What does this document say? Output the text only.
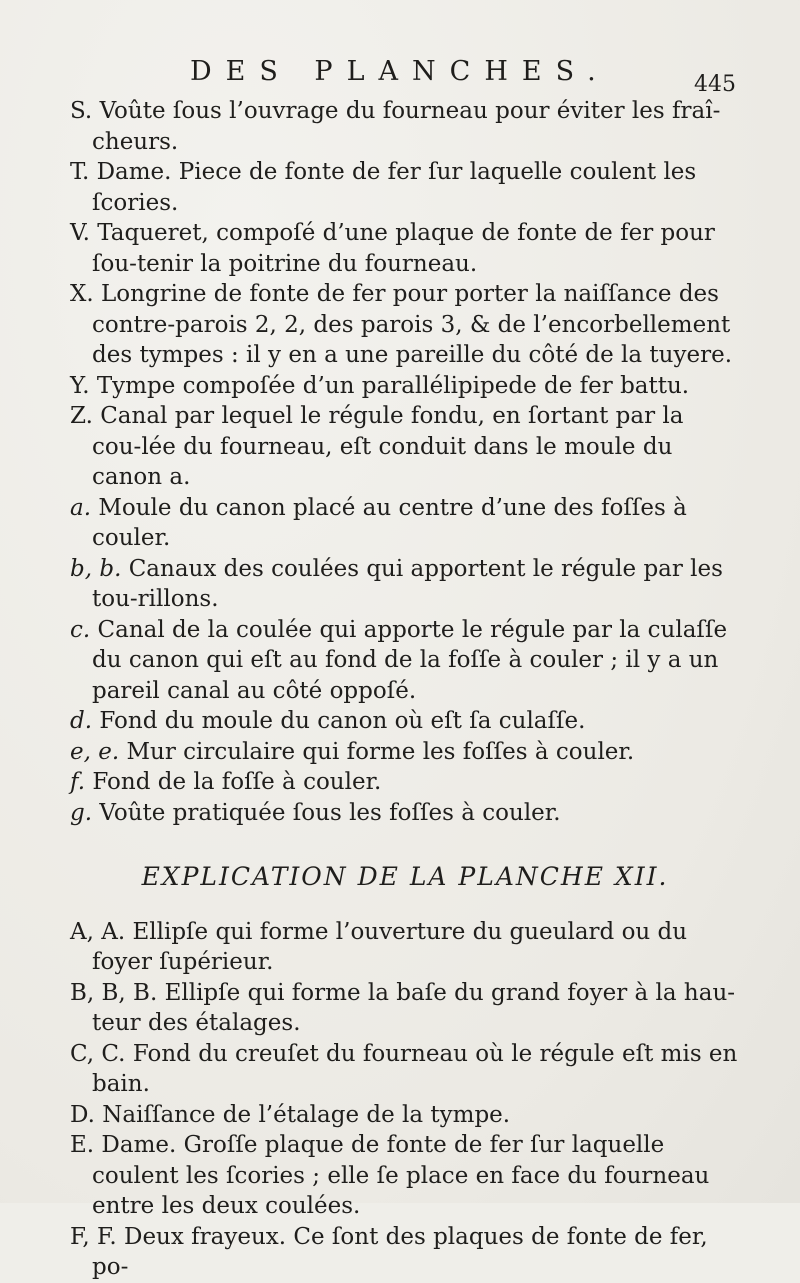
DES PLANCHES.	445

S. Voûte ſous l’ouvrage du fourneau pour éviter les fraî-cheurs.

T. Dame. Piece de fonte de fer ſur laquelle coulent les ſcories.

V. Taqueret, compoſé d’une plaque de fonte de fer pour ſou-tenir la poitrine du fourneau.

X. Longrine de fonte de fer pour porter la naiſſance des contre-parois 2, 2, des parois 3, & de l’encorbellement des tympes : il y en a une pareille du côté de la tuyere.

Y. Tympe compoſée d’un parallélipipede de fer battu.

Z. Canal par lequel le régule fondu, en ſortant par la cou-lée du fourneau, eſt conduit dans le moule du canon a.

a. Moule du canon placé au centre d’une des foſſes à couler.

b, b. Canaux des coulées qui apportent le régule par les tou-rillons.

c. Canal de la coulée qui apporte le régule par la culaſſe du canon qui eſt au fond de la foſſe à couler ; il y a un pareil canal au côté oppoſé.

d. Fond du moule du canon où eſt ſa culaſſe.

e, e. Mur circulaire qui forme les foſſes à couler.

f. Fond de la foſſe à couler.

g. Voûte pratiquée ſous les foſſes à couler.

EXPLICATION DE LA PLANCHE XII.

A, A. Ellipſe qui forme l’ouverture du gueulard ou du foyer ſupérieur.

B, B, B. Ellipſe qui forme la baſe du grand foyer à la hau-teur des étalages.

C, C. Fond du creuſet du fourneau où le régule eſt mis en bain.

D. Naiſſance de l’étalage de la tympe.

E. Dame. Groſſe plaque de fonte de fer ſur laquelle coulent les ſcories ; elle ſe place en face du fourneau entre les deux coulées.

F, F. Deux frayeux. Ce ſont des plaques de fonte de fer, po-
